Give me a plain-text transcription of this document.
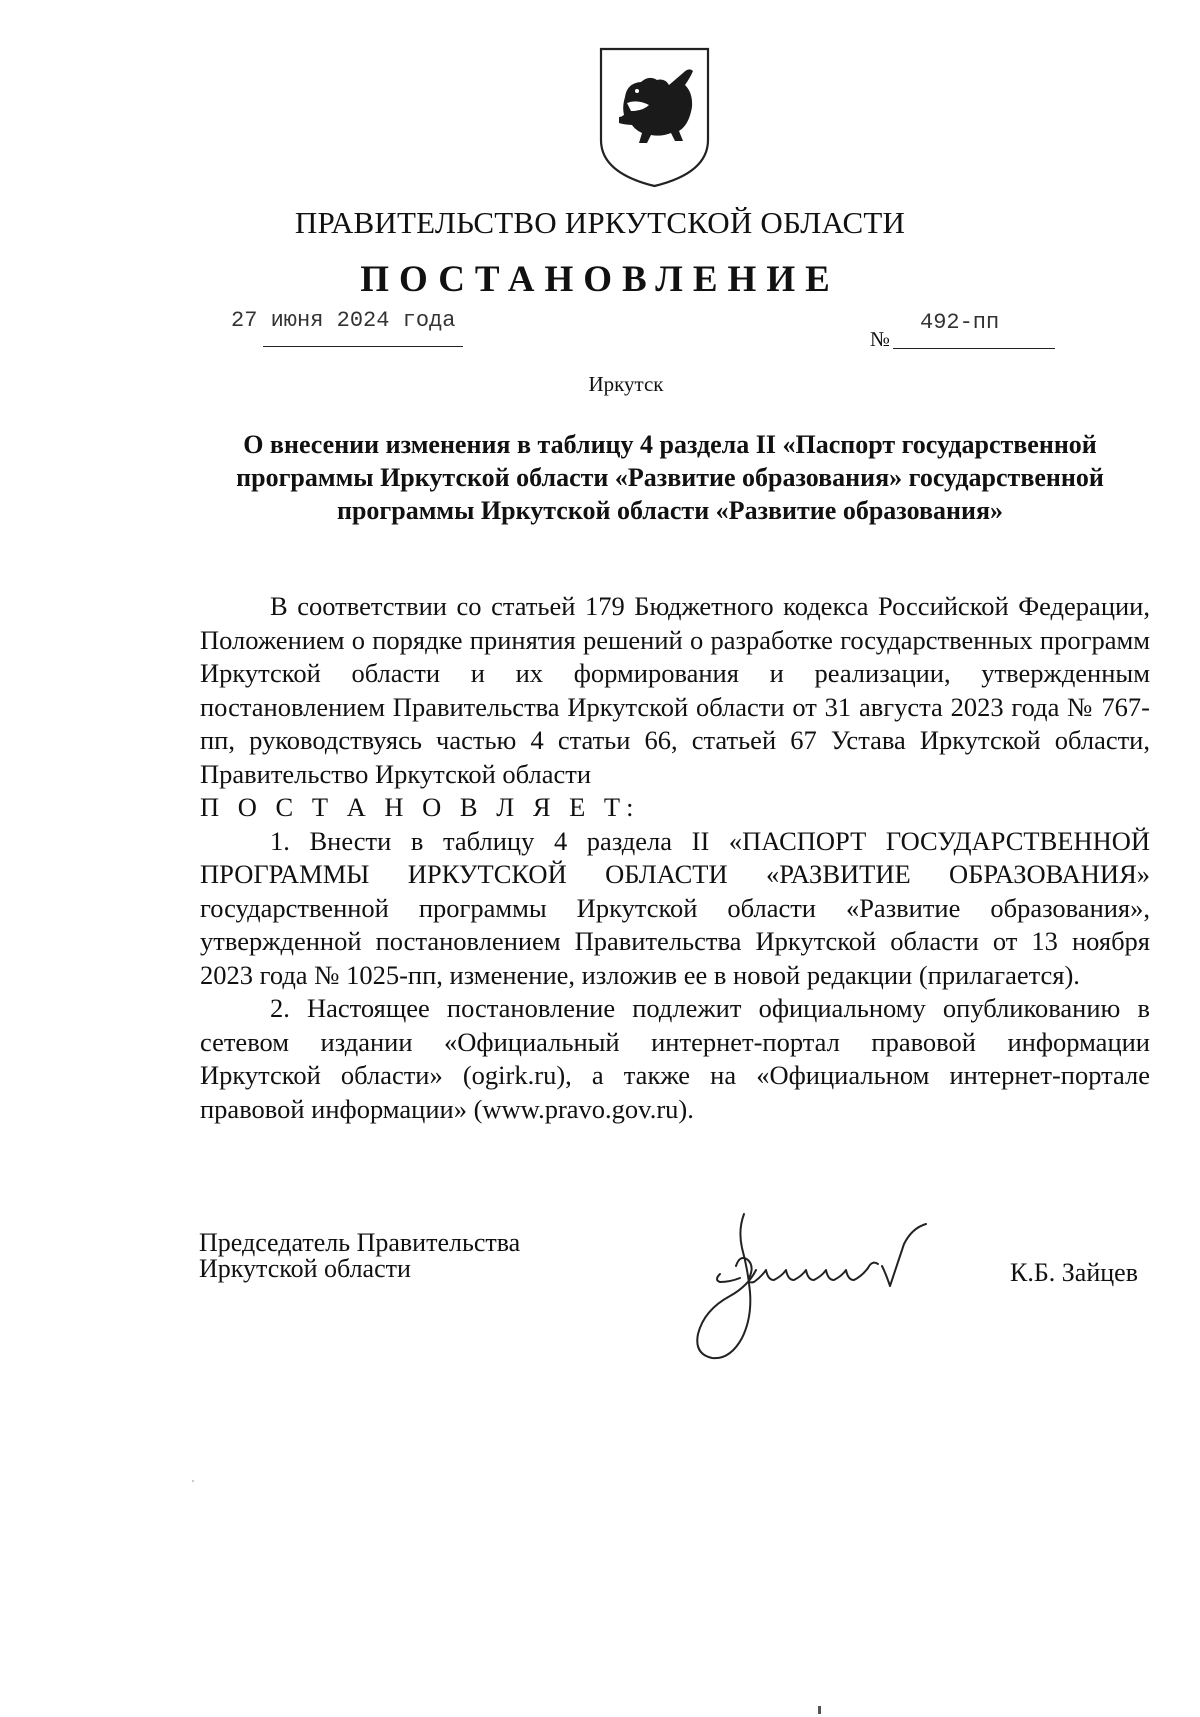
ПРАВИТЕЛЬСТВО ИРКУТСКОЙ ОБЛАСТИ
ПОСТАНОВЛЕНИЕ
27 июня 2024 года
№
492-пп
Иркутск
О внесении изменения в таблицу 4 раздела II «Паспорт государственной программы Иркутской области «Развитие образования» государственной программы Иркутской области «Развитие образования»

В соответствии со статьей 179 Бюджетного кодекса Российской Федерации, Положением о порядке принятия решений о разработке государственных программ Иркутской области и их формирования и реализации, утвержденным постановлением Правительства Иркутской области от 31 августа 2023 года № 767-пп, руководствуясь частью 4 статьи 66, статьей 67 Устава Иркутской области, Правительство Иркутской области

П О С Т А Н О В Л Я Е Т:

1. Внести в таблицу 4 раздела II «ПАСПОРТ ГОСУДАРСТВЕННОЙ ПРОГРАММЫ ИРКУТСКОЙ ОБЛАСТИ «РАЗВИТИЕ ОБРАЗОВАНИЯ» государственной программы Иркутской области «Развитие образования», утвержденной постановлением Правительства Иркутской области от 13 ноября 2023 года № 1025-пп, изменение, изложив ее в новой редакции (прилагается).

2. Настоящее постановление подлежит официальному опубликованию в сетевом издании «Официальный интернет-портал правовой информации Иркутской области» (ogirk.ru), а также на «Официальном интернет-портале правовой информации» (www.pravo.gov.ru).

Председатель Правительства
Иркутской области	К.Б. Зайцев
